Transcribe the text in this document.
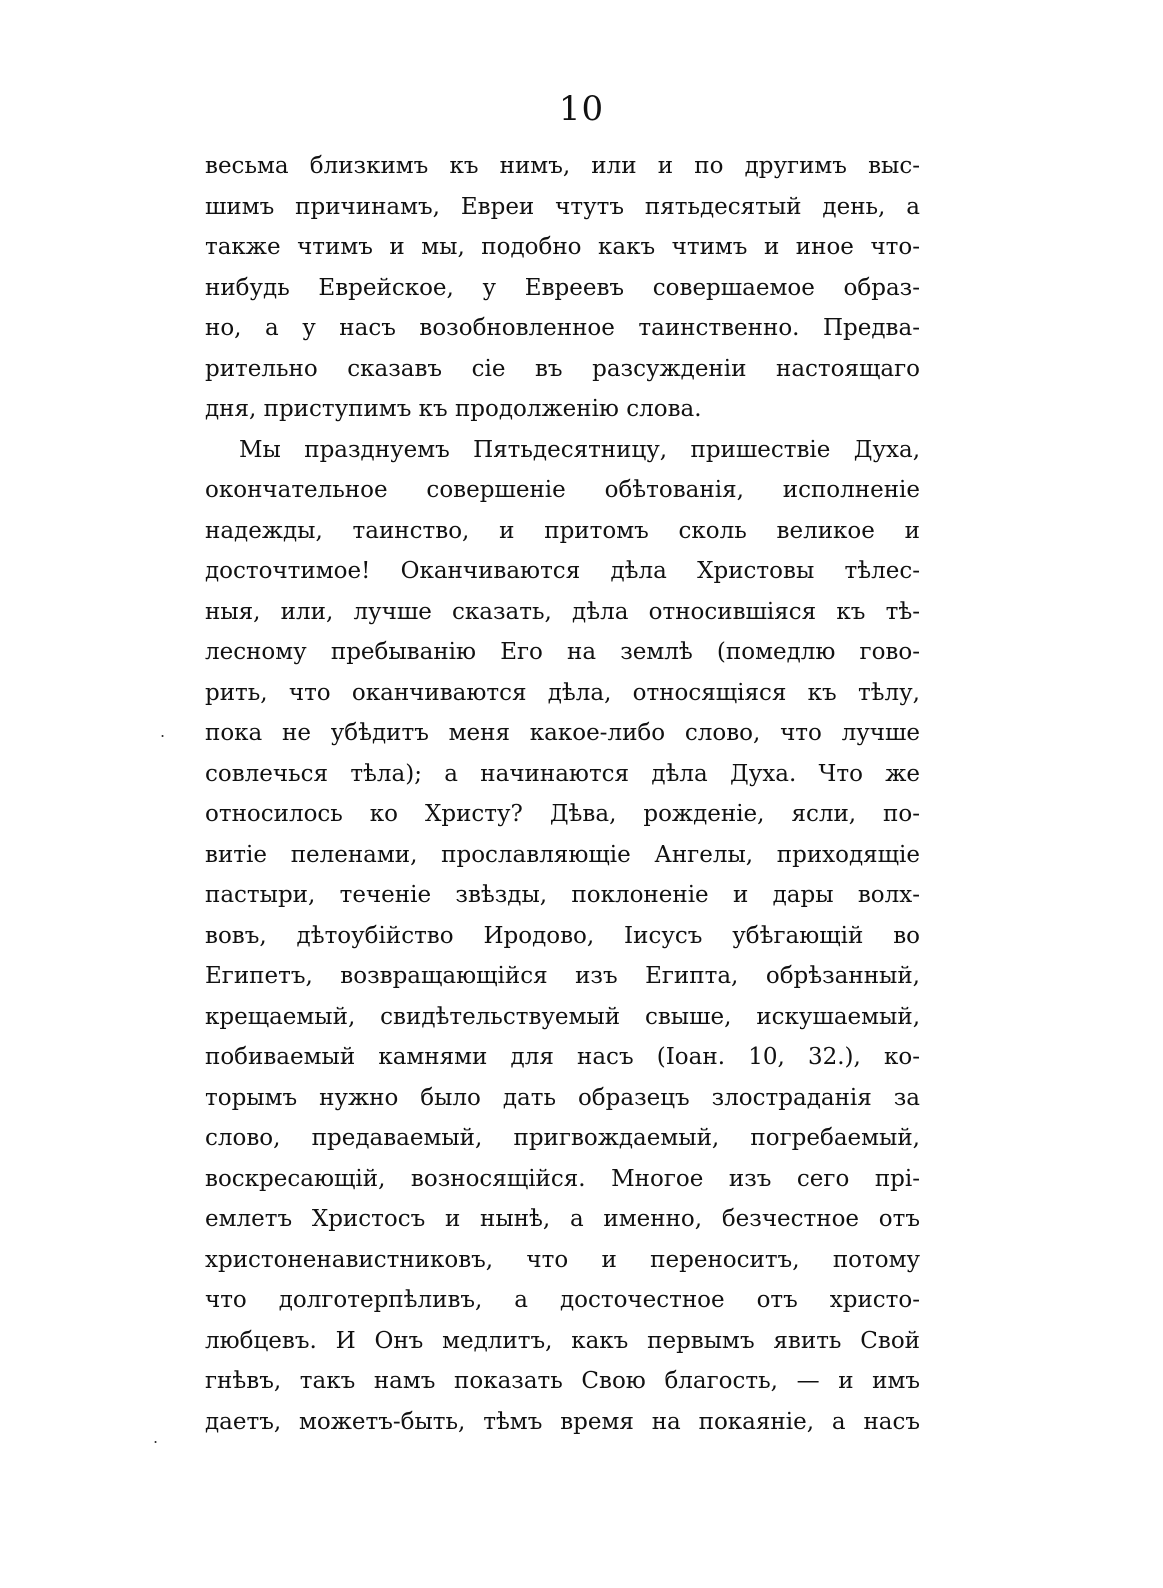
10
.
.
весьма близкимъ къ нимъ, или и по другимъ выс-
шимъ причинамъ, Евреи чтутъ пятьдесятый день, а
также чтимъ и мы, подобно какъ чтимъ и иное что-
нибудь Еврейское, у Евреевъ совершаемое образ-
но, а у насъ возобновленное таинственно. Предва-
рительно сказавъ сіе въ разсужденіи настоящаго
дня, приступимъ къ продолженію слова.
Мы празднуемъ Пятьдесятницу, пришествіе Духа,
окончательное совершеніе обѣтованія, исполненіе
надежды, таинство, и притомъ сколь великое и
досточтимое! Оканчиваются дѣла Христовы тѣлес-
ныя, или, лучше сказать, дѣла относившіяся къ тѣ-
лесному пребыванію Его на землѣ (помедлю гово-
рить, что оканчиваются дѣла, относящіяся къ тѣлу,
пока не убѣдитъ меня какое-либо слово, что лучше
совлечься тѣла); а начинаются дѣла Духа. Что же
относилось ко Христу? Дѣва, рожденіе, ясли, по-
витіе пеленами, прославляющіе Ангелы, приходящіе
пастыри, теченіе звѣзды, поклоненіе и дары волх-
вовъ, дѣтоубійство Иродово, Іисусъ убѣгающій во
Египетъ, возвращающійся изъ Египта, обрѣзанный,
крещаемый, свидѣтельствуемый свыше, искушаемый,
побиваемый камнями для насъ (Іоан. 10, 32.), ко-
торымъ нужно было дать образецъ злостраданія за
слово, предаваемый, пригвождаемый, погребаемый,
воскресающій, возносящійся. Многое изъ сего прі-
емлетъ Христосъ и нынѣ, а именно, безчестное отъ
христоненавистниковъ, что и переноситъ, потому
что долготерпѣливъ, а досточестное отъ христо-
любцевъ. И Онъ медлитъ, какъ первымъ явить Свой
гнѣвъ, такъ намъ показать Свою благость, — и имъ
даетъ, можетъ-быть, тѣмъ время на покаяніе, а насъ
